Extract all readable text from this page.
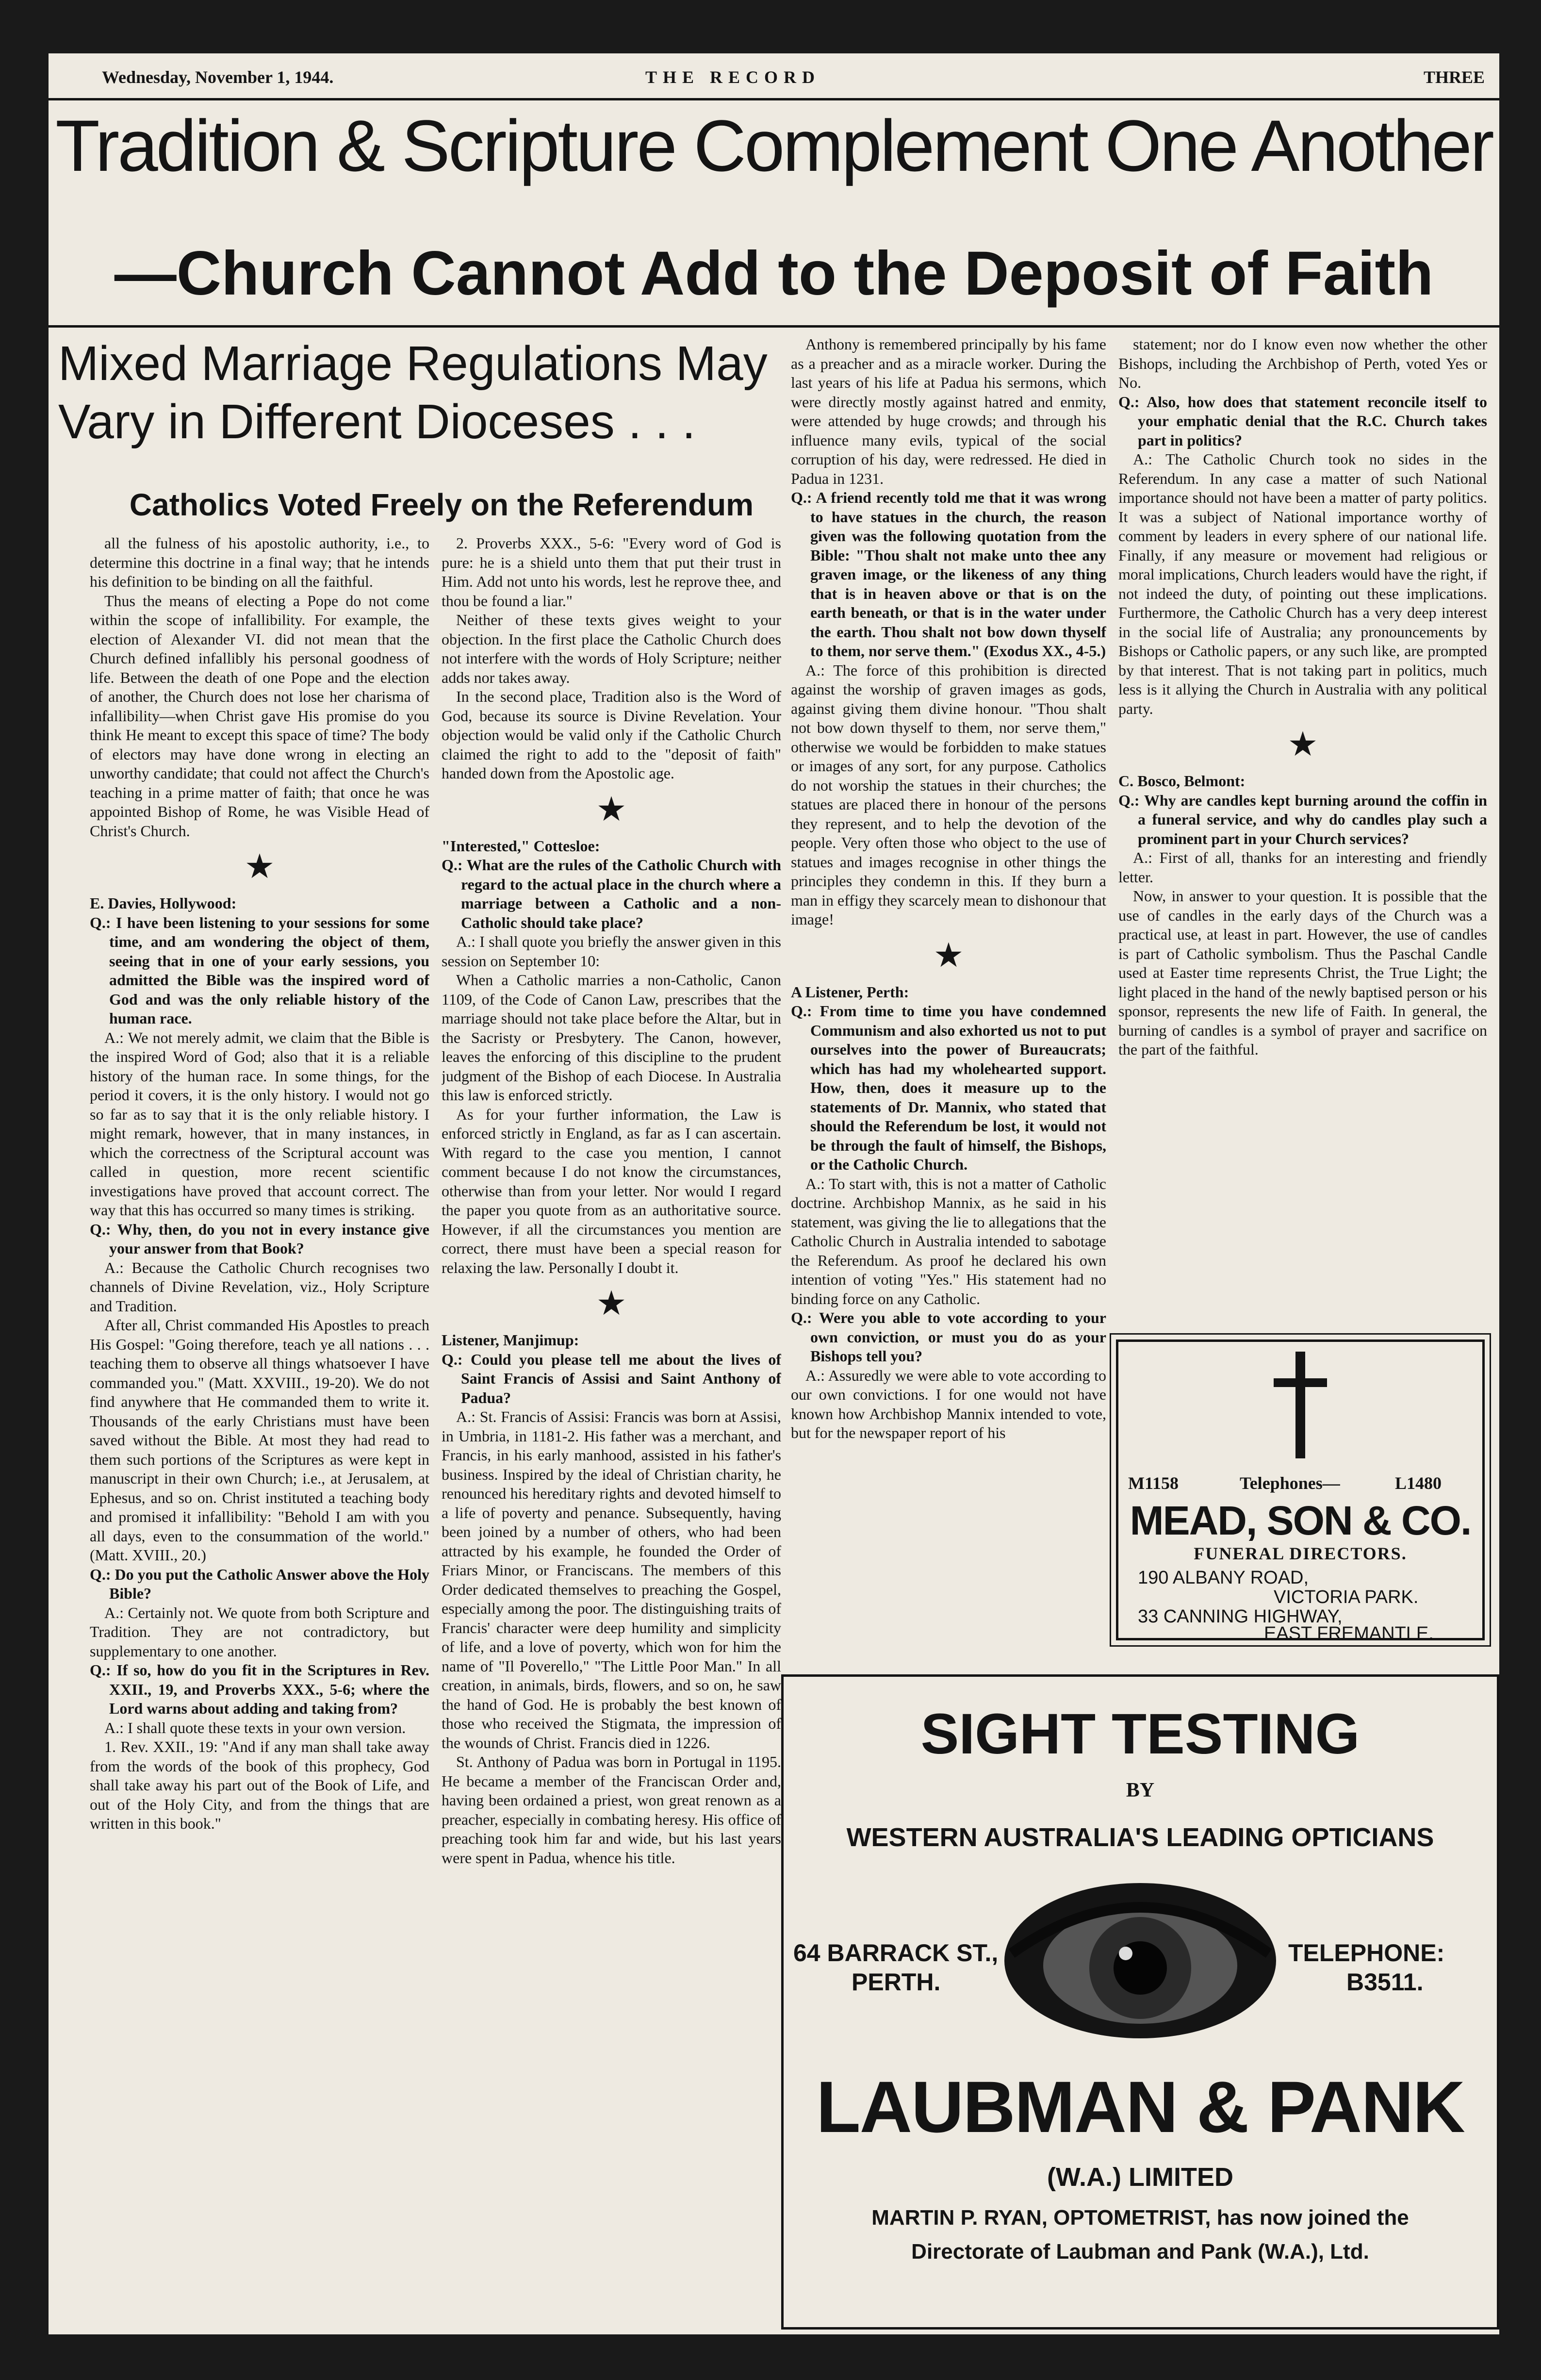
Wednesday, November 1, 1944.	THE RECORD	THREE
Tradition & Scripture Complement One Another
—Church Cannot Add to the Deposit of Faith
Mixed Marriage Regulations May
Vary in Different Dioceses . . .
Catholics Voted Freely on the Referendum

all the fulness of his apostolic authority, i.e., to determine this doctrine in a final way; that he intends his definition to be binding on all the faithful.

Thus the means of electing a Pope do not come within the scope of infallibility. For example, the election of Alexander VI. did not mean that the Church defined infallibly his personal goodness of life. Between the death of one Pope and the election of another, the Church does not lose her charisma of infallibility—when Christ gave His promise do you think He meant to except this space of time? The body of electors may have done wrong in electing an unworthy candidate; that could not affect the Church's teaching in a prime matter of faith; that once he was appointed Bishop of Rome, he was Visible Head of Christ's Church.

★

E. Davies, Hollywood:

Q.: I have been listening to your sessions for some time, and am wondering the object of them, seeing that in one of your early sessions, you admitted the Bible was the inspired word of God and was the only reliable history of the human race.

A.: We not merely admit, we claim that the Bible is the inspired Word of God; also that it is a reliable history of the human race. In some things, for the period it covers, it is the only history. I would not go so far as to say that it is the only reliable history. I might remark, however, that in many instances, in which the correctness of the Scriptural account was called in question, more recent scientific investigations have proved that account correct. The way that this has occurred so many times is striking.

Q.: Why, then, do you not in every instance give your answer from that Book?

A.: Because the Catholic Church recognises two channels of Divine Revelation, viz., Holy Scripture and Tradition.

After all, Christ commanded His Apostles to preach His Gospel: "Going therefore, teach ye all nations . . . teaching them to observe all things whatsoever I have commanded you." (Matt. XXVIII., 19-20). We do not find anywhere that He commanded them to write it. Thousands of the early Christians must have been saved without the Bible. At most they had read to them such portions of the Scriptures as were kept in manuscript in their own Church; i.e., at Jerusalem, at Ephesus, and so on. Christ instituted a teaching body and promised it infallibility: "Behold I am with you all days, even to the consummation of the world." (Matt. XVIII., 20.)

Q.: Do you put the Catholic Answer above the Holy Bible?

A.: Certainly not. We quote from both Scripture and Tradition. They are not contradictory, but supplementary to one another.

Q.: If so, how do you fit in the Scriptures in Rev. XXII., 19, and Proverbs XXX., 5-6; where the Lord warns about adding and taking from?

A.: I shall quote these texts in your own version.

1. Rev. XXII., 19: "And if any man shall take away from the words of the book of this prophecy, God shall take away his part out of the Book of Life, and out of the Holy City, and from the things that are written in this book."

2. Proverbs XXX., 5-6: "Every word of God is pure: he is a shield unto them that put their trust in Him. Add not unto his words, lest he reprove thee, and thou be found a liar."

Neither of these texts gives weight to your objection. In the first place the Catholic Church does not interfere with the words of Holy Scripture; neither adds nor takes away.

In the second place, Tradition also is the Word of God, because its source is Divine Revelation. Your objection would be valid only if the Catholic Church claimed the right to add to the "deposit of faith" handed down from the Apostolic age.

★

"Interested," Cottesloe:

Q.: What are the rules of the Catholic Church with regard to the actual place in the church where a marriage between a Catholic and a non-Catholic should take place?

A.: I shall quote you briefly the answer given in this session on September 10:

When a Catholic marries a non-Catholic, Canon 1109, of the Code of Canon Law, prescribes that the marriage should not take place before the Altar, but in the Sacristy or Presbytery. The Canon, however, leaves the enforcing of this discipline to the prudent judgment of the Bishop of each Diocese. In Australia this law is enforced strictly.

As for your further information, the Law is enforced strictly in England, as far as I can ascertain. With regard to the case you mention, I cannot comment because I do not know the circumstances, otherwise than from your letter. Nor would I regard the paper you quote from as an authoritative source. However, if all the circumstances you mention are correct, there must have been a special reason for relaxing the law. Personally I doubt it.

★

Listener, Manjimup:

Q.: Could you please tell me about the lives of Saint Francis of Assisi and Saint Anthony of Padua?

A.: St. Francis of Assisi: Francis was born at Assisi, in Umbria, in 1181-2. His father was a merchant, and Francis, in his early manhood, assisted in his father's business. Inspired by the ideal of Christian charity, he renounced his hereditary rights and devoted himself to a life of poverty and penance. Subsequently, having been joined by a number of others, who had been attracted by his example, he founded the Order of Friars Minor, or Franciscans. The members of this Order dedicated themselves to preaching the Gospel, especially among the poor. The distinguishing traits of Francis' character were deep humility and simplicity of life, and a love of poverty, which won for him the name of "Il Poverello," "The Little Poor Man." In all creation, in animals, birds, flowers, and so on, he saw the hand of God. He is probably the best known of those who received the Stigmata, the impression of the wounds of Christ. Francis died in 1226.

St. Anthony of Padua was born in Portugal in 1195. He became a member of the Franciscan Order and, having been ordained a priest, won great renown as a preacher, especially in combating heresy. His office of preaching took him far and wide, but his last years were spent in Padua, whence his title.

Anthony is remembered principally by his fame as a preacher and as a miracle worker. During the last years of his life at Padua his sermons, which were directly mostly against hatred and enmity, were attended by huge crowds; and through his influence many evils, typical of the social corruption of his day, were redressed. He died in Padua in 1231.

Q.: A friend recently told me that it was wrong to have statues in the church, the reason given was the following quotation from the Bible: "Thou shalt not make unto thee any graven image, or the likeness of any thing that is in heaven above or that is on the earth beneath, or that is in the water under the earth. Thou shalt not bow down thyself to them, nor serve them." (Exodus XX., 4-5.)

A.: The force of this prohibition is directed against the worship of graven images as gods, against giving them divine honour. "Thou shalt not bow down thyself to them, nor serve them," otherwise we would be forbidden to make statues or images of any sort, for any purpose. Catholics do not worship the statues in their churches; the statues are placed there in honour of the persons they represent, and to help the devotion of the people. Very often those who object to the use of statues and images recognise in other things the principles they condemn in this. If they burn a man in effigy they scarcely mean to dishonour that image!

★

A Listener, Perth:

Q.: From time to time you have condemned Communism and also exhorted us not to put ourselves into the power of Bureaucrats; which has had my wholehearted support. How, then, does it measure up to the statements of Dr. Mannix, who stated that should the Referendum be lost, it would not be through the fault of himself, the Bishops, or the Catholic Church.

A.: To start with, this is not a matter of Catholic doctrine. Archbishop Mannix, as he said in his statement, was giving the lie to allegations that the Catholic Church in Australia intended to sabotage the Referendum. As proof he declared his own intention of voting "Yes." His statement had no binding force on any Catholic.

Q.: Were you able to vote according to your own conviction, or must you do as your Bishops tell you?

A.: Assuredly we were able to vote according to our own convictions. I for one would not have known how Archbishop Mannix intended to vote, but for the newspaper report of his

statement; nor do I know even now whether the other Bishops, including the Archbishop of Perth, voted Yes or No.

Q.: Also, how does that statement reconcile itself to your emphatic denial that the R.C. Church takes part in politics?

A.: The Catholic Church took no sides in the Referendum. In any case a matter of such National importance should not have been a matter of party politics. It was a subject of National importance worthy of comment by leaders in every sphere of our national life. Finally, if any measure or movement had religious or moral implications, Church leaders would have the right, if not indeed the duty, of pointing out these implications. Furthermore, the Catholic Church has a very deep interest in the social life of Australia; any pronouncements by Bishops or Catholic papers, or any such like, are prompted by that interest. That is not taking part in politics, much less is it allying the Church in Australia with any political party.

★

C. Bosco, Belmont:

Q.: Why are candles kept burning around the coffin in a funeral service, and why do candles play such a prominent part in your Church services?

A.: First of all, thanks for an interesting and friendly letter.

Now, in answer to your question. It is possible that the use of candles in the early days of the Church was a practical use, at least in part. However, the use of candles is part of Catholic symbolism. Thus the Paschal Candle used at Easter time represents Christ, the True Light; the light placed in the hand of the newly baptised person or his sponsor, represents the new life of Faith. In general, the burning of candles is a symbol of prayer and sacrifice on the part of the faithful.

M1158	Telephones—	L1480
MEAD, SON & CO.
FUNERAL DIRECTORS.
190 ALBANY ROAD,
VICTORIA PARK.
33 CANNING HIGHWAY,
EAST FREMANTLE.
SIGHT TESTING
BY
WESTERN AUSTRALIA'S LEADING OPTICIANS
64 BARRACK ST.,
PERTH.
TELEPHONE:
B3511.
LAUBMAN & PANK
(W.A.) LIMITED
MARTIN P. RYAN, OPTOMETRIST, has now joined the
Directorate of Laubman and Pank (W.A.), Ltd.
